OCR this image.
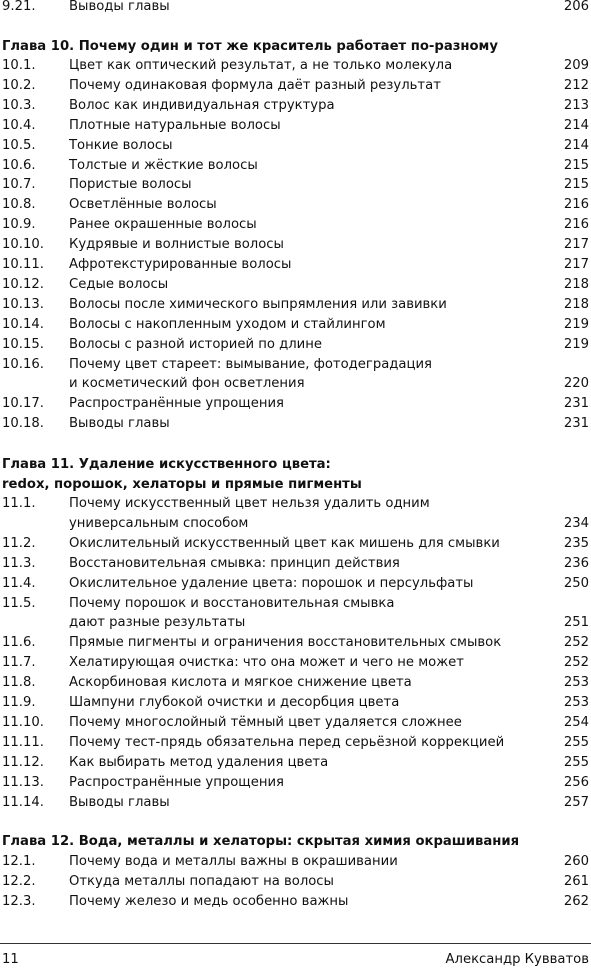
9.21.	Выводы главы	206
Глава 10. Почему один и тот же краситель работает по-разному
10.1.	Цвет как оптический результат, а не только молекула	209
10.2.	Почему одинаковая формула даёт разный результат	212
10.3.	Волос как индивидуальная структура	213
10.4.	Плотные натуральные волосы	214
10.5.	Тонкие волосы	214
10.6.	Толстые и жёсткие волосы	215
10.7.	Пористые волосы	215
10.8.	Осветлённые волосы	216
10.9.	Ранее окрашенные волосы	216
10.10. Кудрявые и волнистые волосы	217
10.11. Афротекстурированные волосы	217
10.12. Седые волосы	218
10.13. Волосы после химического выпрямления или завивки	218
10.14. Волосы с накопленным уходом и стайлингом	219
10.15. Волосы с разной историей по длине	219
10.16. Почему цвет стареет: вымывание, фотодеградация
и косметический фон осветления	220
10.17. Распространённые упрощения	231
10.18. Выводы главы	231
Глава 11. Удаление искусственного цвета:
redox, порошок, хелаторы и прямые пигменты
11.1.	Почему искусственный цвет нельзя удалить одним
универсальным способом	234
11.2.	Окислительный искусственный цвет как мишень для смывки	235
11.3.	Восстановительная смывка: принцип действия	236
11.4.	Окислительное удаление цвета: порошок и персульфаты	250
11.5.	Почему порошок и восстановительная смывка
дают разные результаты	251
11.6.	Прямые пигменты и ограничения восстановительных смывок	252
11.7.	Хелатирующая очистка: что она может и чего не может	252
11.8.	Аскорбиновая кислота и мягкое снижение цвета	253
11.9.	Шампуни глубокой очистки и десорбция цвета	253
11.10. Почему многослойный тёмный цвет удаляется сложнее	254
11.11. Почему тест-прядь обязательна перед серьёзной коррекцией	255
11.12. Как выбирать метод удаления цвета	255
11.13. Распространённые упрощения	256
11.14. Выводы главы	257
Глава 12. Вода, металлы и хелаторы: скрытая химия окрашивания
12.1.	Почему вода и металлы важны в окрашивании	260
12.2.	Откуда металлы попадают на волосы	261
12.3.	Почему железо и медь особенно важны	262
11	Александр Кувватов
